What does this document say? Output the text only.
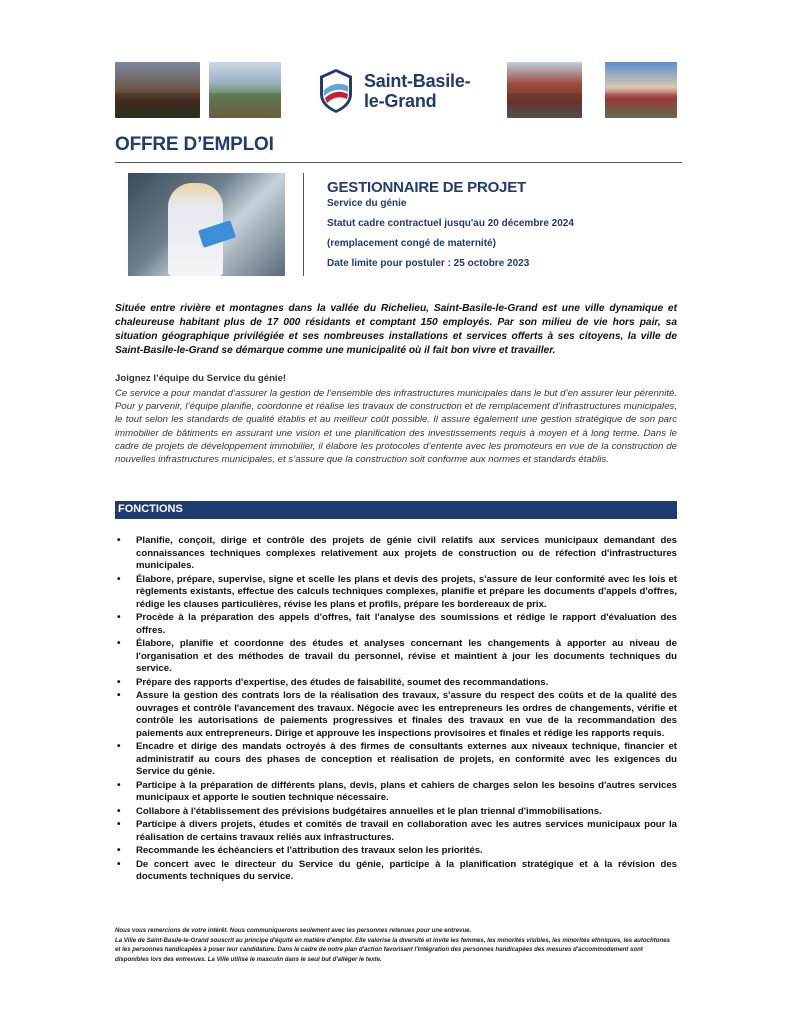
Saint-Basile-
le-Grand
OFFRE D’EMPLOI
GESTIONNAIRE DE PROJET
Service du génie
Statut cadre contractuel jusqu'au 20 décembre 2024
(remplacement congé de maternité)
Date limite pour postuler : 25 octobre 2023
Située entre rivière et montagnes dans la vallée du Richelieu, Saint-Basile-le-Grand est une ville dynamique et chaleureuse habitant plus de 17 000 résidants et comptant 150 employés. Par son milieu de vie hors pair, sa situation géographique privilégiée et ses nombreuses installations et services offerts à ses citoyens, la ville de Saint-Basile-le-Grand se démarque comme une municipalité où il fait bon vivre et travailler.
Joignez l’équipe du Service du génie!
Ce service a pour mandat d’assurer la gestion de l’ensemble des infrastructures municipales dans le but d’en assurer leur pérennité. Pour y parvenir, l’équipe planifie, coordonne et réalise les travaux de construction et de remplacement d’infrastructures municipales, le tout selon les standards de qualité établis et au meilleur coût possible. Il assure également une gestion stratégique de son parc immobilier de bâtiments en assurant une vision et une planification des investissements requis à moyen et à long terme. Dans le cadre de projets de développement immobilier, il élabore les protocoles d’entente avec les promoteurs en vue de la construction de nouvelles infrastructures municipales, et s’assure que la construction soit conforme aux normes et standards établis.
FONCTIONS
• Planifie, conçoit, dirige et contrôle des projets de génie civil relatifs aux services municipaux demandant des connaissances techniques complexes relativement aux projets de construction ou de réfection d'infrastructures municipales.
• Élabore, prépare, supervise, signe et scelle les plans et devis des projets, s'assure de leur conformité avec les lois et règlements existants, effectue des calculs techniques complexes, planifie et prépare les documents d'appels d'offres, rédige les clauses particulières, révise les plans et profils, prépare les bordereaux de prix.
• Procède à la préparation des appels d'offres, fait l'analyse des soumissions et rédige le rapport d'évaluation des offres.
• Élabore, planifie et coordonne des études et analyses concernant les changements à apporter au niveau de l'organisation et des méthodes de travail du personnel, révise et maintient à jour les documents techniques du service.
• Prépare des rapports d'expertise, des études de faisabilité, soumet des recommandations.
• Assure la gestion des contrats lors de la réalisation des travaux, s'assure du respect des coûts et de la qualité des ouvrages et contrôle l'avancement des travaux. Négocie avec les entrepreneurs les ordres de changements, vérifie et contrôle les autorisations de paiements progressives et finales des travaux en vue de la recommandation des paiements aux entrepreneurs. Dirige et approuve les inspections provisoires et finales et rédige les rapports requis.
• Encadre et dirige des mandats octroyés à des firmes de consultants externes aux niveaux technique, financier et administratif au cours des phases de conception et réalisation de projets, en conformité avec les exigences du Service du génie.
• Participe à la préparation de différents plans, devis, plans et cahiers de charges selon les besoins d'autres services municipaux et apporte le soutien technique nécessaire.
• Collabore à l'établissement des prévisions budgétaires annuelles et le plan triennal d'immobilisations.
• Participe à divers projets, études et comités de travail en collaboration avec les autres services municipaux pour la réalisation de certains travaux reliés aux infrastructures.
• Recommande les échéanciers et l'attribution des travaux selon les priorités.
• De concert avec le directeur du Service du génie, participe à la planification stratégique et à la révision des documents techniques du service.
Nous vous remercions de votre intérêt. Nous communiquerons seulement avec les personnes retenues pour une entrevue.
La Ville de Saint-Basile-le-Grand souscrit au principe d'équité en matière d'emploi. Elle valorise la diversité et invite les femmes, les minorités visibles, les minorités ethniques, les autochtones et les personnes handicapées à poser leur candidature. Dans le cadre de notre plan d'action favorisant l'intégration des personnes handicapées des mesures d'accommodement sont disponibles lors des entrevues. La Ville utilise le masculin dans le seul but d'alléger le texte.
